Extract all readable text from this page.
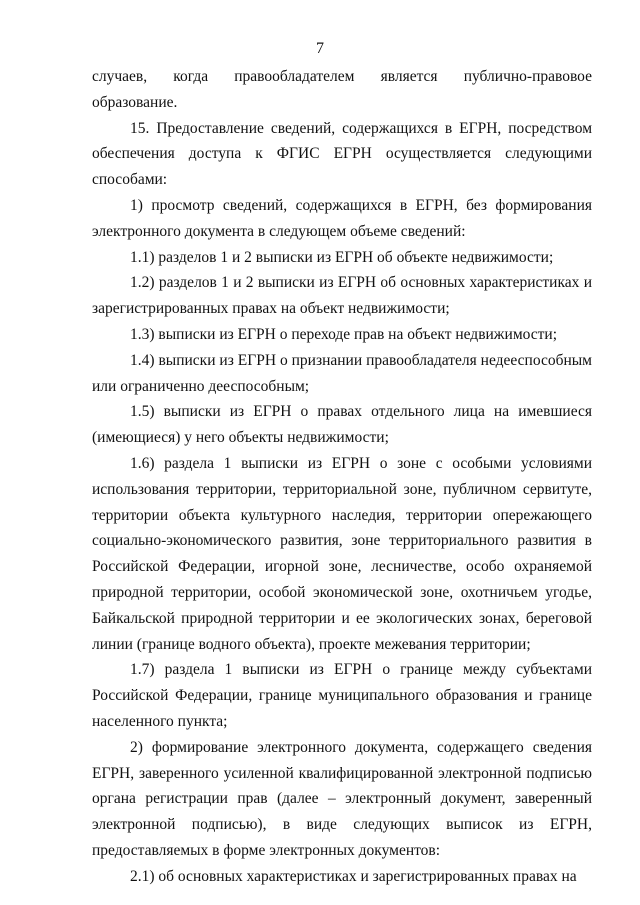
7

случаев, когда правообладателем является публично-правовое образование.

15. Предоставление сведений, содержащихся в ЕГРН, посредством обеспечения доступа к ФГИС ЕГРН осуществляется следующими способами:

1) просмотр сведений, содержащихся в ЕГРН, без формирования электронного документа в следующем объеме сведений:

1.1) разделов 1 и 2 выписки из ЕГРН об объекте недвижимости;

1.2) разделов 1 и 2 выписки из ЕГРН об основных характеристиках и зарегистрированных правах на объект недвижимости;

1.3) выписки из ЕГРН о переходе прав на объект недвижимости;

1.4) выписки из ЕГРН о признании правообладателя недееспособным или ограниченно дееспособным;

1.5) выписки из ЕГРН о правах отдельного лица на имевшиеся (имеющиеся) у него объекты недвижимости;

1.6) раздела 1 выписки из ЕГРН о зоне с особыми условиями использования территории, территориальной зоне, публичном сервитуте, территории объекта культурного наследия, территории опережающего социально-экономического развития, зоне территориального развития в Российской Федерации, игорной зоне, лесничестве, особо охраняемой природной территории, особой экономической зоне, охотничьем угодье, Байкальской природной территории и ее экологических зонах, береговой линии (границе водного объекта), проекте межевания территории;

1.7) раздела 1 выписки из ЕГРН о границе между субъектами Российской Федерации, границе муниципального образования и границе населенного пункта;

2) формирование электронного документа, содержащего сведения ЕГРН, заверенного усиленной квалифицированной электронной подписью органа регистрации прав (далее – электронный документ, заверенный электронной подписью), в виде следующих выписок из ЕГРН, предоставляемых в форме электронных документов:

2.1) об основных характеристиках и зарегистрированных правах на
